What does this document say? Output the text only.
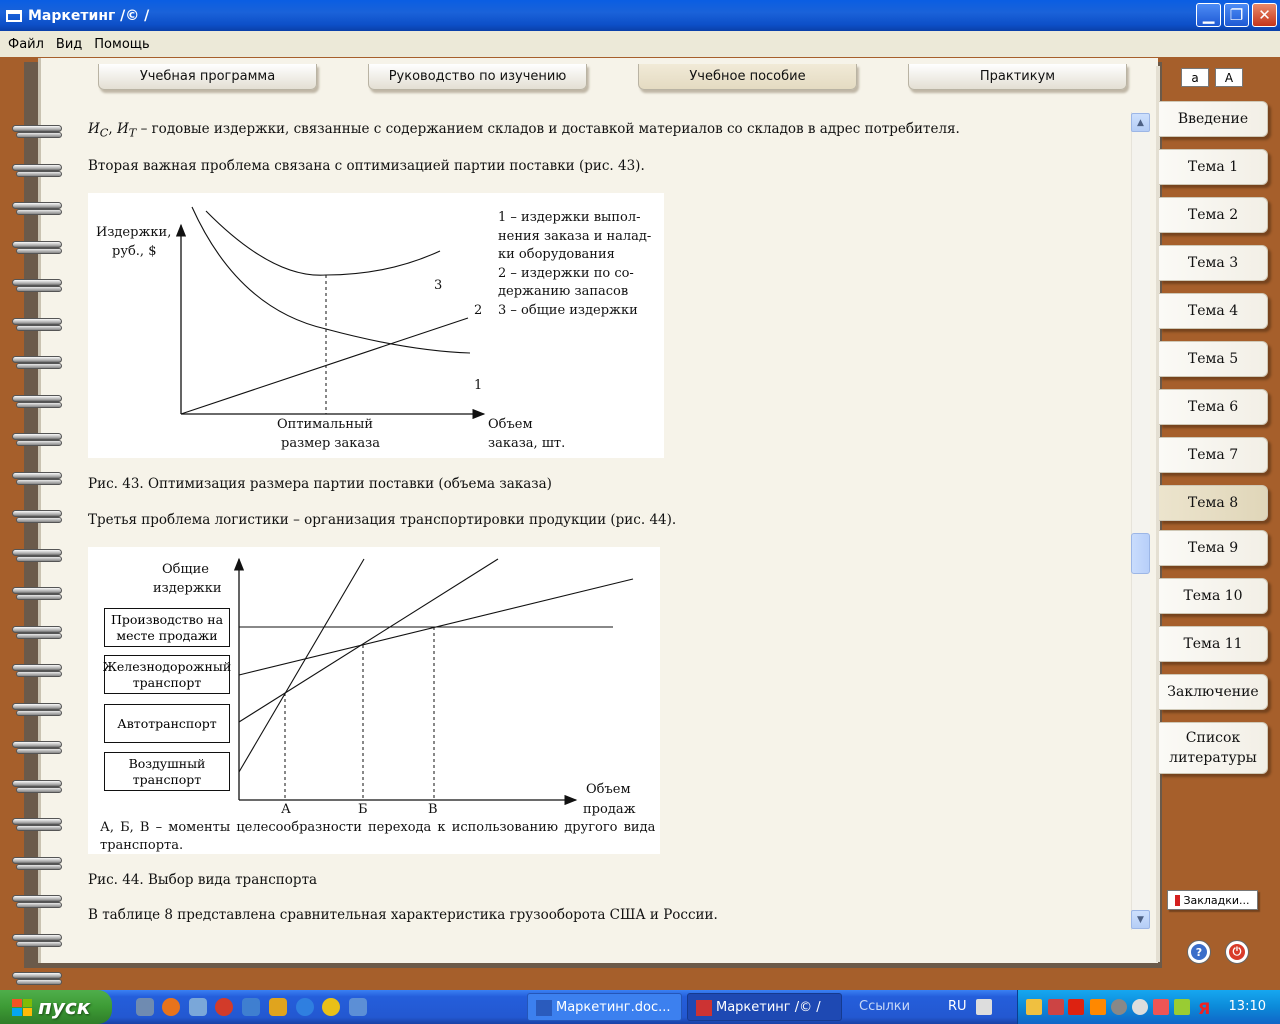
Маркетинг /© /	▁	❐ ✕
Файл Вид Помощь
Учебная программа	Руководство по изучению	Учебное пособие	Практикум	a	A
Введение
Тема 1
Тема 2
Тема 3
Тема 4
Тема 5
Тема 6
Тема 7
Тема 8
Тема 9
Тема 10
Тема 11
Заключение
Список литературы
▲
▼
$И_С$, $И_Т$ – годовые издержки, связанные с содержанием складов и доставкой материалов со складов в адрес потребителя.
Вторая важная проблема связана с оптимизацией партии поставки (рис. 43).
Издержки,
руб., $
3
2
1
Оптимальный
размер заказа
Объем
заказа, шт.
1 – издержки выпол-
нения заказа и налад-
ки оборудования
2 – издержки по со-
держанию запасов
3 – общие издержки
Рис. 43. Оптимизация размера партии поставки (объема заказа)
Третья проблема логистики – организация транспортировки продукции (рис. 44).
Общие
издержки
Производство на
месте продажи
Железнодорожный
транспорт
Автотранспорт
Воздушный
транспорт
А	Б	В
Объем
продаж
А, Б, В – моменты целесообразности перехода к использованию другого вида
транспорта.
Рис. 44. Выбор вида транспорта
В таблице 8 представлена сравнительная характеристика грузооборота США и России.
Закладки...
?	⏻
пуск	Маркетинг.doc...	Маркетинг /© /	Ссылки	RU	Я 13:10
